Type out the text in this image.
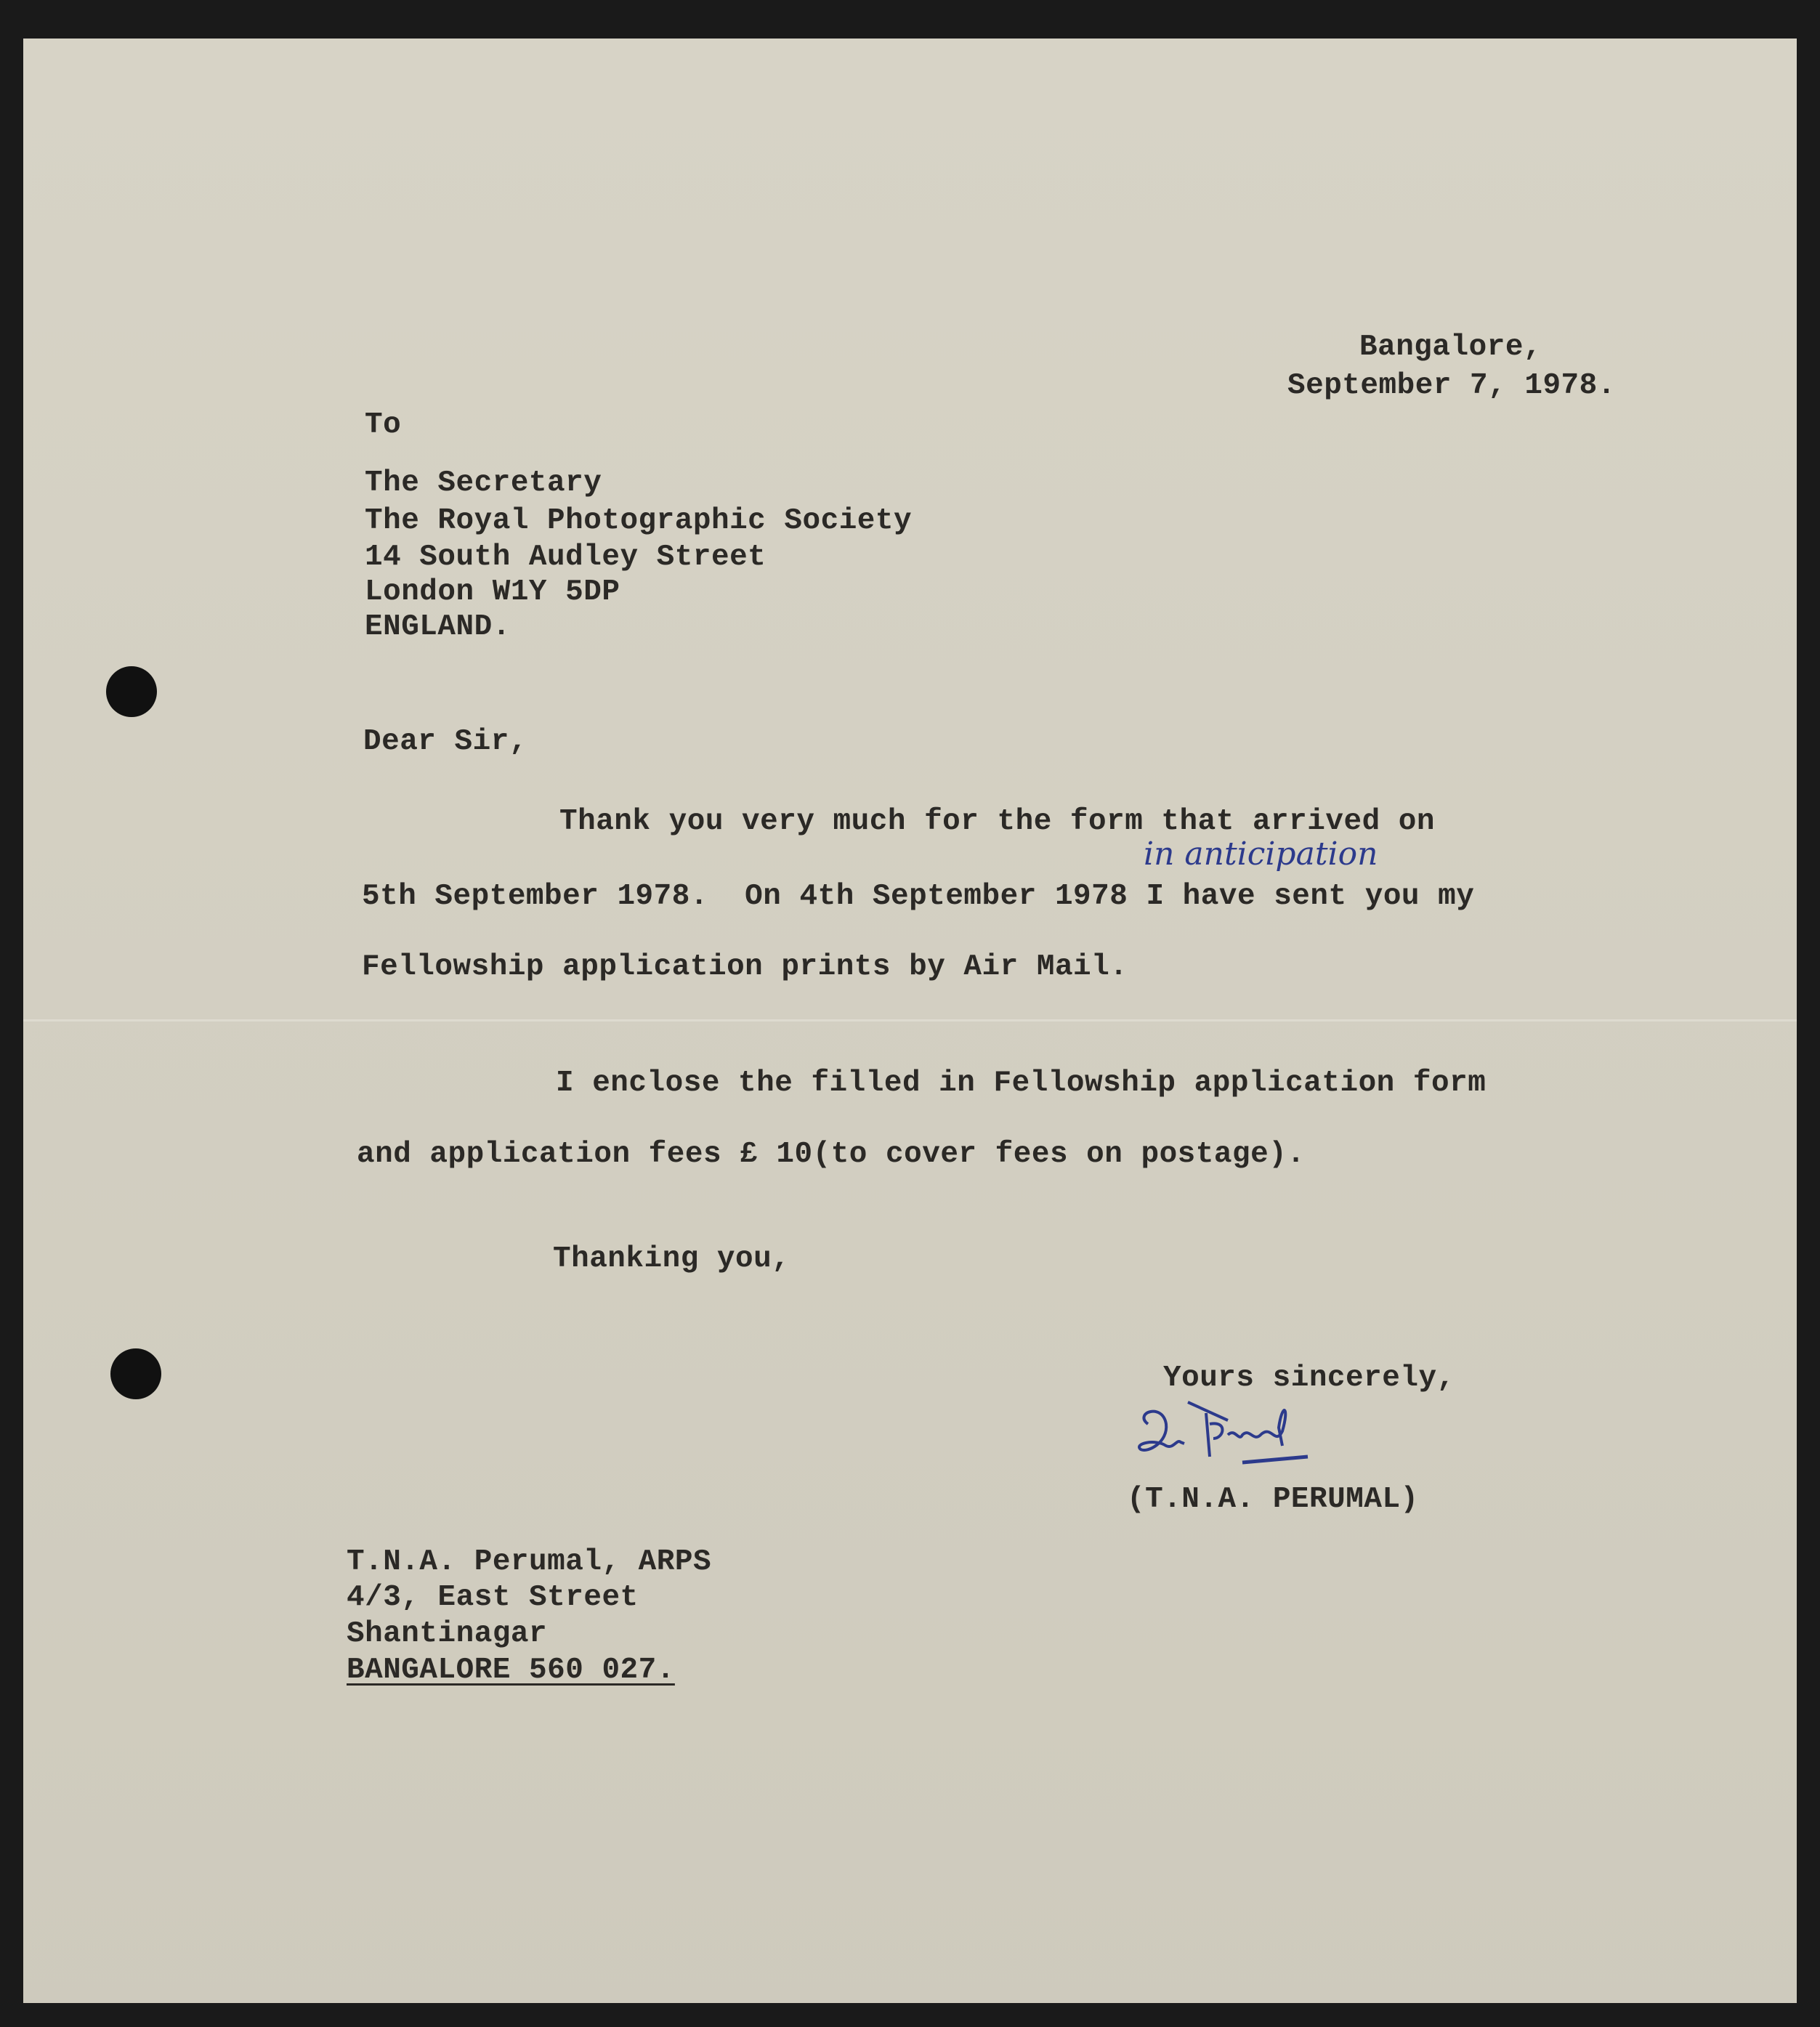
Bangalore,
September 7, 1978.
To
The Secretary
The Royal Photographic Society
14 South Audley Street
London W1Y 5DP
ENGLAND.
Dear Sir,
Thank you very much for the form that arrived on
in anticipation
5th September 1978.  On 4th September 1978 I have sent you my
Fellowship application prints by Air Mail.
I enclose the filled in Fellowship application form
and application fees £ 10(to cover fees on postage).
Thanking you,
Yours sincerely,
(T.N.A. PERUMAL)
T.N.A. Perumal, ARPS
4/3, East Street
Shantinagar
BANGALORE 560 027.
